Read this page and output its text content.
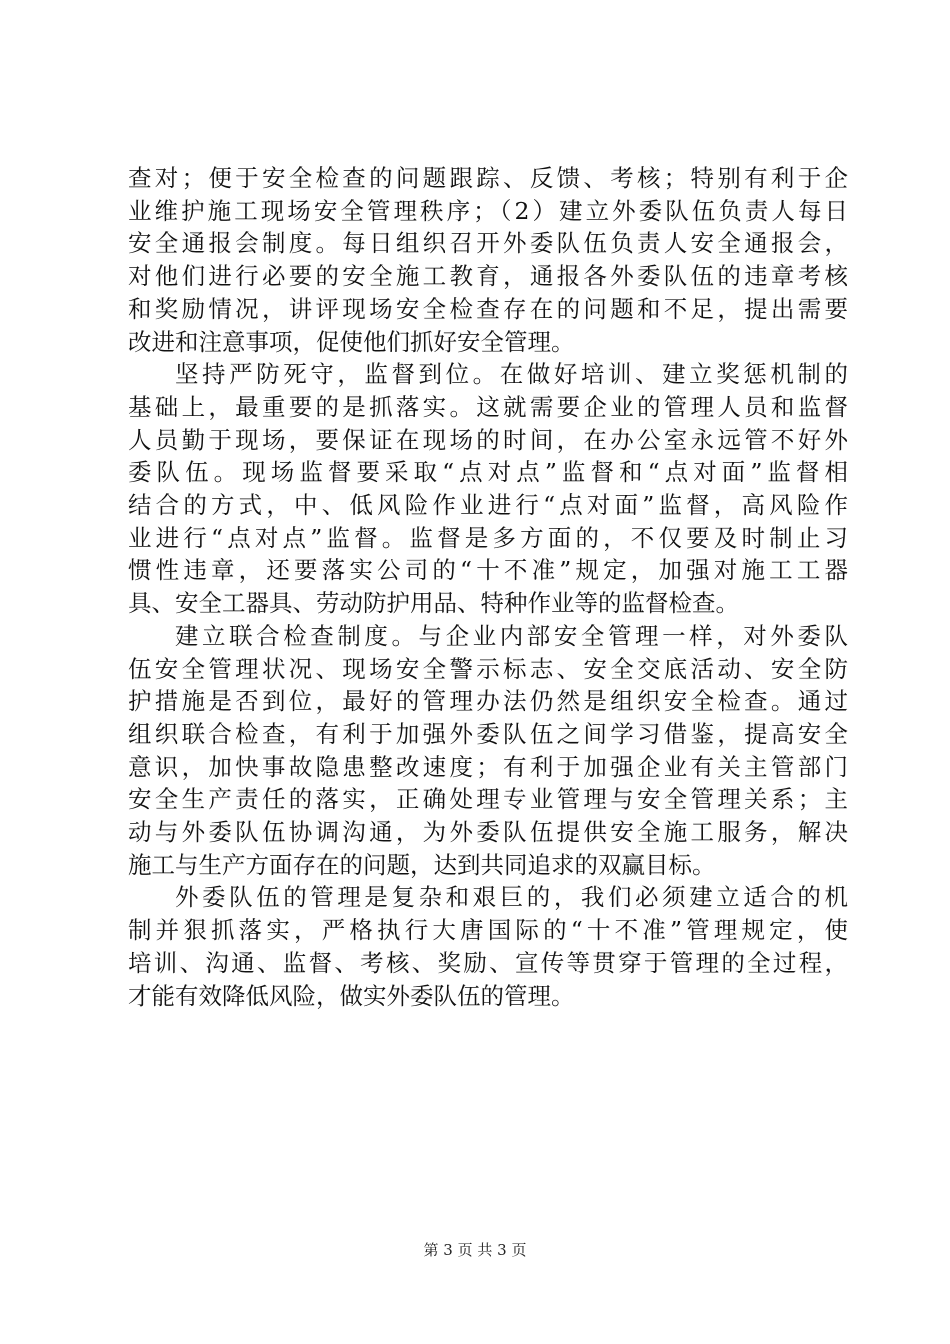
查对；便于安全检查的问题跟踪、反馈、考核；特别有利于企
业维护施工现场安全管理秩序；（2）建立外委队伍负责人每日
安全通报会制度。每日组织召开外委队伍负责人安全通报会，
对他们进行必要的安全施工教育，通报各外委队伍的违章考核
和奖励情况，讲评现场安全检查存在的问题和不足，提出需要
改进和注意事项，促使他们抓好安全管理。
坚持严防死守，监督到位。在做好培训、建立奖惩机制的
基础上，最重要的是抓落实。这就需要企业的管理人员和监督
人员勤于现场，要保证在现场的时间，在办公室永远管不好外
委队伍。现场监督要采取“点对点”监督和“点对面”监督相
结合的方式，中、低风险作业进行“点对面”监督，高风险作
业进行“点对点”监督。监督是多方面的，不仅要及时制止习
惯性违章，还要落实公司的“十不准”规定，加强对施工工器
具、安全工器具、劳动防护用品、特种作业等的监督检查。
建立联合检查制度。与企业内部安全管理一样，对外委队
伍安全管理状况、现场安全警示标志、安全交底活动、安全防
护措施是否到位，最好的管理办法仍然是组织安全检查。通过
组织联合检查，有利于加强外委队伍之间学习借鉴，提高安全
意识，加快事故隐患整改速度；有利于加强企业有关主管部门
安全生产责任的落实，正确处理专业管理与安全管理关系；主
动与外委队伍协调沟通，为外委队伍提供安全施工服务，解决
施工与生产方面存在的问题，达到共同追求的双赢目标。
外委队伍的管理是复杂和艰巨的，我们必须建立适合的机
制并狠抓落实，严格执行大唐国际的“十不准”管理规定，使
培训、沟通、监督、考核、奖励、宣传等贯穿于管理的全过程，
才能有效降低风险，做实外委队伍的管理。
第 3 页 共 3 页
